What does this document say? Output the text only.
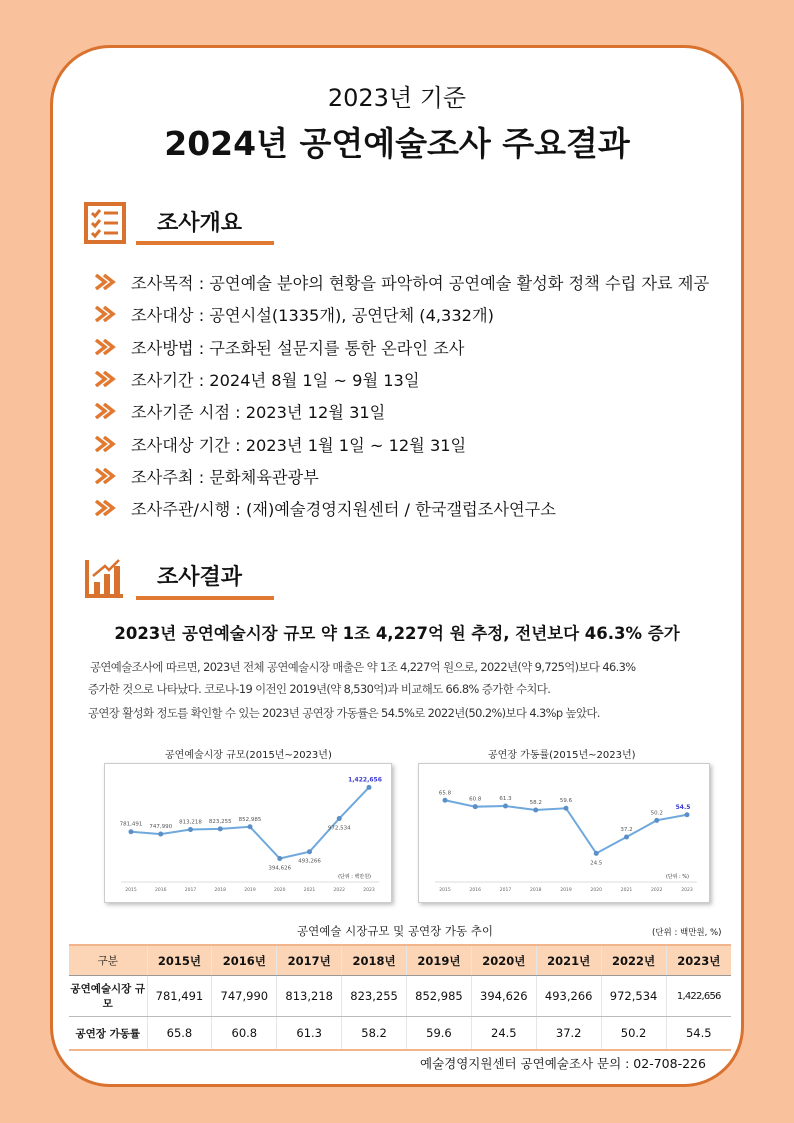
2023년 기준
2024년 공연예술조사 주요결과
조사개요
조사목적 : 공연예술 분야의 현황을 파악하여 공연예술 활성화 정책 수립 자료 제공
조사대상 : 공연시설(1335개), 공연단체 (4,332개)
조사방법 : 구조화된 설문지를 통한 온라인 조사
조사기간 : 2024년 8월 1일 ~ 9월 13일
조사기준 시점 : 2023년 12월 31일
조사대상 기간 : 2023년 1월 1일 ~ 12월 31일
조사주최 : 문화체육관광부
조사주관/시행 : (재)예술경영지원센터 / 한국갤럽조사연구소
조사결과
2023년 공연예술시장 규모 약 1조 4,227억 원 추정, 전년보다 46.3% 증가
공연예술조사에 따르면, 2023년 전체 공연예술시장 매출은 약 1조 4,227억 원으로, 2022년(약 9,725억)보다 46.3%
증가한 것으로 나타났다. 코로나-19 이전인 2019년(약 8,530억)과 비교해도 66.8% 증가한 수치다.
공연장 활성화 정도를 확인할 수 있는 2023년 공연장 가동률은 54.5%로 2022년(50.2%)보다 4.3%p 높았다.
공연예술시장 규모(2015년~2023년)	공연장 가동률(2015년~2023년)
781,491
2015
747,990
2016
813,218
2017
823,255
2018
852,985
2019
394,626
2020
493,266
2021
972,534
2022
1,422,656
2023
(단위 : 백만원)
65.8
2015
60.8
2016
61.3
2017
58.2
2018
59.6
2019
24.5
2020
37.2
2021
50.2
2022
54.5
2023
(단위 : %)
공연예술 시장규모 및 공연장 가동 추이	(단위 : 백만원, %)
구분	2015년	2016년	2017년	2018년	2019년	2020년	2021년	2022년	2023년
공연예술시장 규모	781,491	747,990	813,218	823,255	852,985	394,626	493,266	972,534	1,422,656
공연장 가동률	65.8	60.8	61.3	58.2	59.6	24.5	37.2	50.2	54.5
예술경영지원센터 공연예술조사 문의 : 02-708-226
